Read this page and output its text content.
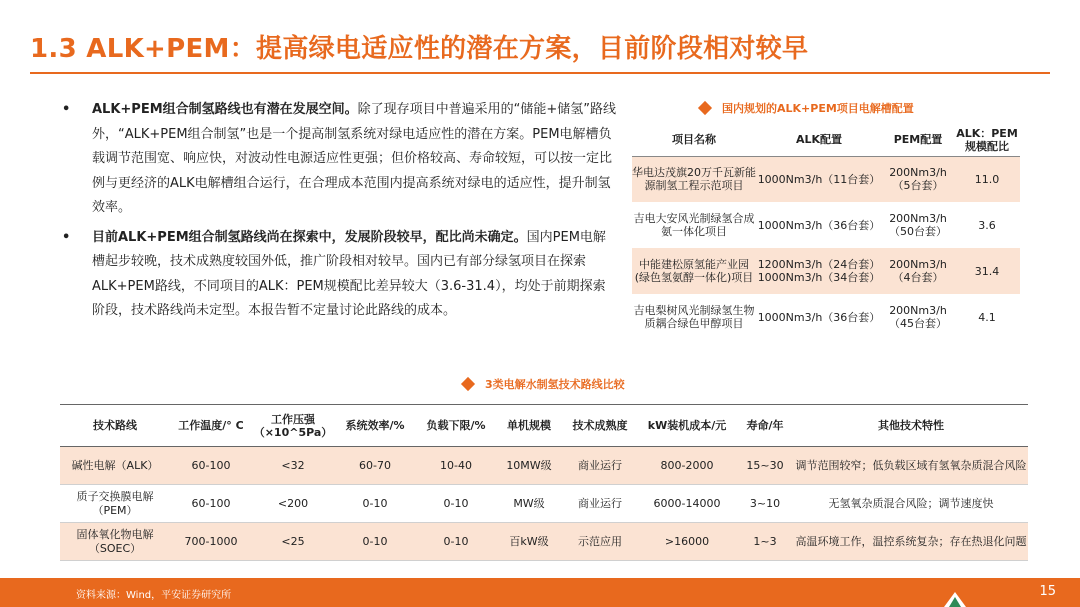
1.3 ALK+PEM：提高绿电适应性的潜在方案，目前阶段相对较早
• ALK+PEM组合制氢路线也有潜在发展空间。除了现存项目中普遍采用的“储能+储氢”路线外，“ALK+PEM组合制氢”也是一个提高制氢系统对绿电适应性的潜在方案。PEM电解槽负载调节范围宽、响应快，对波动性电源适应性更强；但价格较高、寿命较短，可以按一定比例与更经济的ALK电解槽组合运行，在合理成本范围内提高系统对绿电的适应性，提升制氢效率。
• 目前ALK+PEM组合制氢路线尚在探索中，发展阶段较早，配比尚未确定。国内PEM电解槽起步较晚，技术成熟度较国外低，推广阶段相对较早。国内已有部分绿氢项目在探索ALK+PEM路线，不同项目的ALK：PEM规模配比差异较大（3.6-31.4），均处于前期探索阶段，技术路线尚未定型。本报告暂不定量讨论此路线的成本。
国内规划的ALK+PEM项目电解槽配置
项目名称	ALK配置	PEM配置	ALK：PEM规模配比
华电达茂旗20万千瓦新能源制氢工程示范项目	1000Nm3/h（11台套）	200Nm3/h（5台套）	11.0
吉电大安风光制绿氢合成氨一体化项目	1000Nm3/h（36台套）	200Nm3/h（50台套）	3.6
中能建松原氢能产业园(绿色氢氨醇一体化)项目	1200Nm3/h（24台套）1000Nm3/h（34台套）	200Nm3/h（4台套）	31.4
吉电梨树风光制绿氢生物质耦合绿色甲醇项目	1000Nm3/h（36台套）	200Nm3/h（45台套）	4.1
3类电解水制氢技术路线比较
技术路线	工作温度/° C	工作压强（×10^5Pa）	系统效率/%	负载下限/%	单机规模	技术成熟度	kW装机成本/元	寿命/年	其他技术特性
碱性电解（ALK）	60-100	<32	60-70	10-40	10MW级	商业运行	800-2000	15~30	调节范围较窄；低负载区域有氢氧杂质混合风险
质子交换膜电解（PEM）	60-100	<200	0-10	0-10	MW级	商业运行	6000-14000	3~10	无氢氧杂质混合风险；调节速度快
固体氧化物电解（SOEC）	700-1000	<25	0-10	0-10	百kW级	示范应用	>16000	1~3	高温环境工作，温控系统复杂；存在热退化问题
资料来源：Wind，平安证券研究所	15
